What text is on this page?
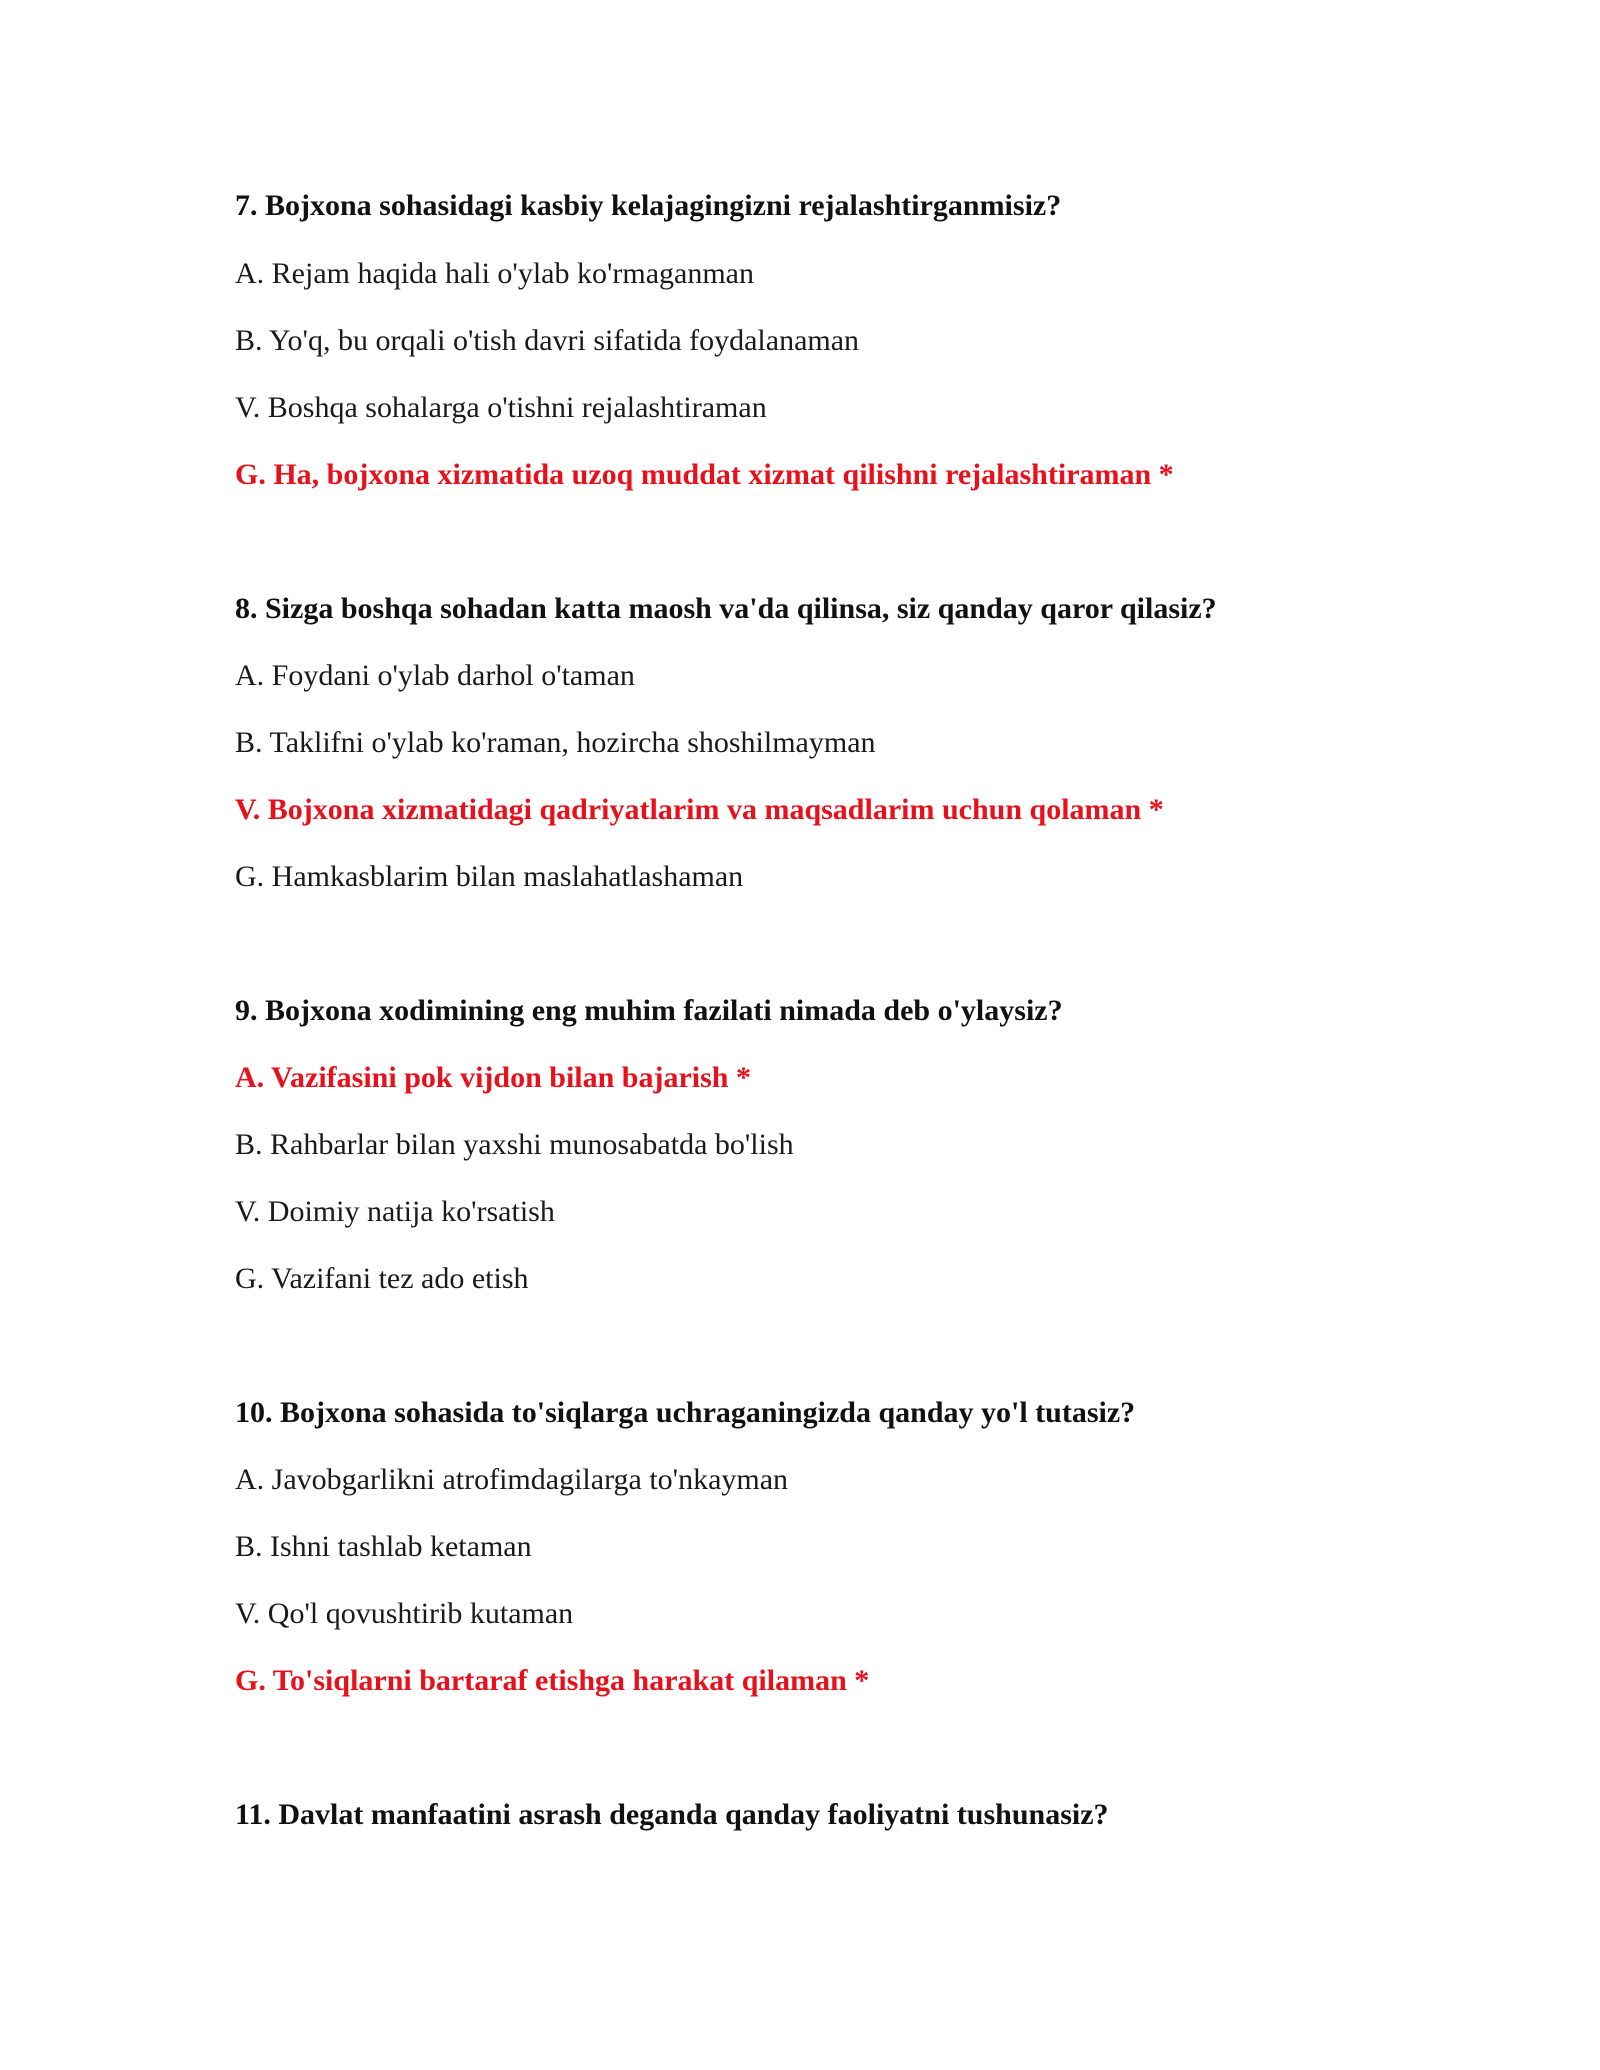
7. Bojxona sohasidagi kasbiy kelajagingizni rejalashtirganmisiz?
A. Rejam haqida hali o'ylab ko'rmaganman
B. Yo'q, bu orqali o'tish davri sifatida foydalanaman
V. Boshqa sohalarga o'tishni rejalashtiraman
G. Ha, bojxona xizmatida uzoq muddat xizmat qilishni rejalashtiraman *
8. Sizga boshqa sohadan katta maosh va'da qilinsa, siz qanday qaror qilasiz?
A. Foydani o'ylab darhol o'taman
B. Taklifni o'ylab ko'raman, hozircha shoshilmayman
V. Bojxona xizmatidagi qadriyatlarim va maqsadlarim uchun qolaman *
G. Hamkasblarim bilan maslahatlashaman
9. Bojxona xodimining eng muhim fazilati nimada deb o'ylaysiz?
A. Vazifasini pok vijdon bilan bajarish *
B. Rahbarlar bilan yaxshi munosabatda bo'lish
V. Doimiy natija ko'rsatish
G. Vazifani tez ado etish
10. Bojxona sohasida to'siqlarga uchraganingizda qanday yo'l tutasiz?
A. Javobgarlikni atrofimdagilarga to'nkayman
B. Ishni tashlab ketaman
V. Qo'l qovushtirib kutaman
G. To'siqlarni bartaraf etishga harakat qilaman *
11. Davlat manfaatini asrash deganda qanday faoliyatni tushunasiz?
